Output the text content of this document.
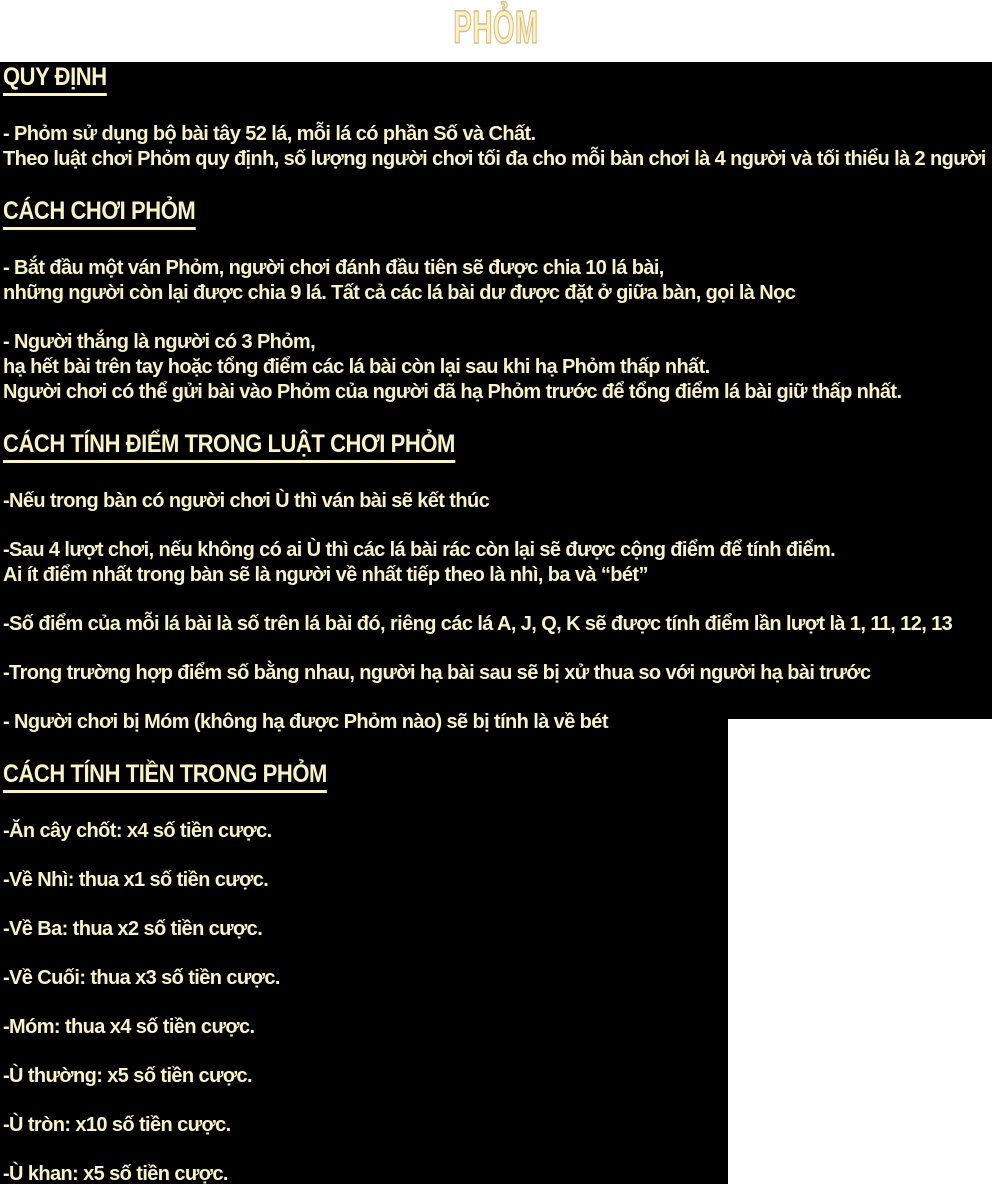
PHỎM
QUY ĐỊNH
- Phỏm sử dụng bộ bài tây 52 lá, mỗi lá có phần Số và Chất.
Theo luật chơi Phỏm quy định, số lượng người chơi tối đa cho mỗi bàn chơi là 4 người và tối thiểu là 2 người
CÁCH CHƠI PHỎM
- Bắt đầu một ván Phỏm, người chơi đánh đầu tiên sẽ được chia 10 lá bài,
những người còn lại được chia 9 lá. Tất cả các lá bài dư được đặt ở giữa bàn, gọi là Nọc
- Người thắng là người có 3 Phỏm,
hạ hết bài trên tay hoặc tổng điểm các lá bài còn lại sau khi hạ Phỏm thấp nhất.
Người chơi có thể gửi bài vào Phỏm của người đã hạ Phỏm trước để tổng điểm lá bài giữ thấp nhất.
CÁCH TÍNH ĐIỂM TRONG LUẬT CHƠI PHỎM
-Nếu trong bàn có người chơi Ù thì ván bài sẽ kết thúc
-Sau 4 lượt chơi, nếu không có ai Ù thì các lá bài rác còn lại sẽ được cộng điểm để tính điểm.
Ai ít điểm nhất trong bàn sẽ là người về nhất tiếp theo là nhì, ba và “bét”
-Số điểm của mỗi lá bài là số trên lá bài đó, riêng các lá A, J, Q, K sẽ được tính điểm lần lượt là 1, 11, 12, 13
-Trong trường hợp điểm số bằng nhau, người hạ bài sau sẽ bị xử thua so với người hạ bài trước
- Người chơi bị Móm (không hạ được Phỏm nào) sẽ bị tính là về bét
CÁCH TÍNH TIỀN TRONG PHỎM
-Ăn cây chốt: x4 số tiền cược.
-Về Nhì: thua x1 số tiền cược.
-Về Ba: thua x2 số tiền cược.
-Về Cuối: thua x3 số tiền cược.
-Móm: thua x4 số tiền cược.
-Ù thường: x5 số tiền cược.
-Ù tròn: x10 số tiền cược.
-Ù khan: x5 số tiền cược.
